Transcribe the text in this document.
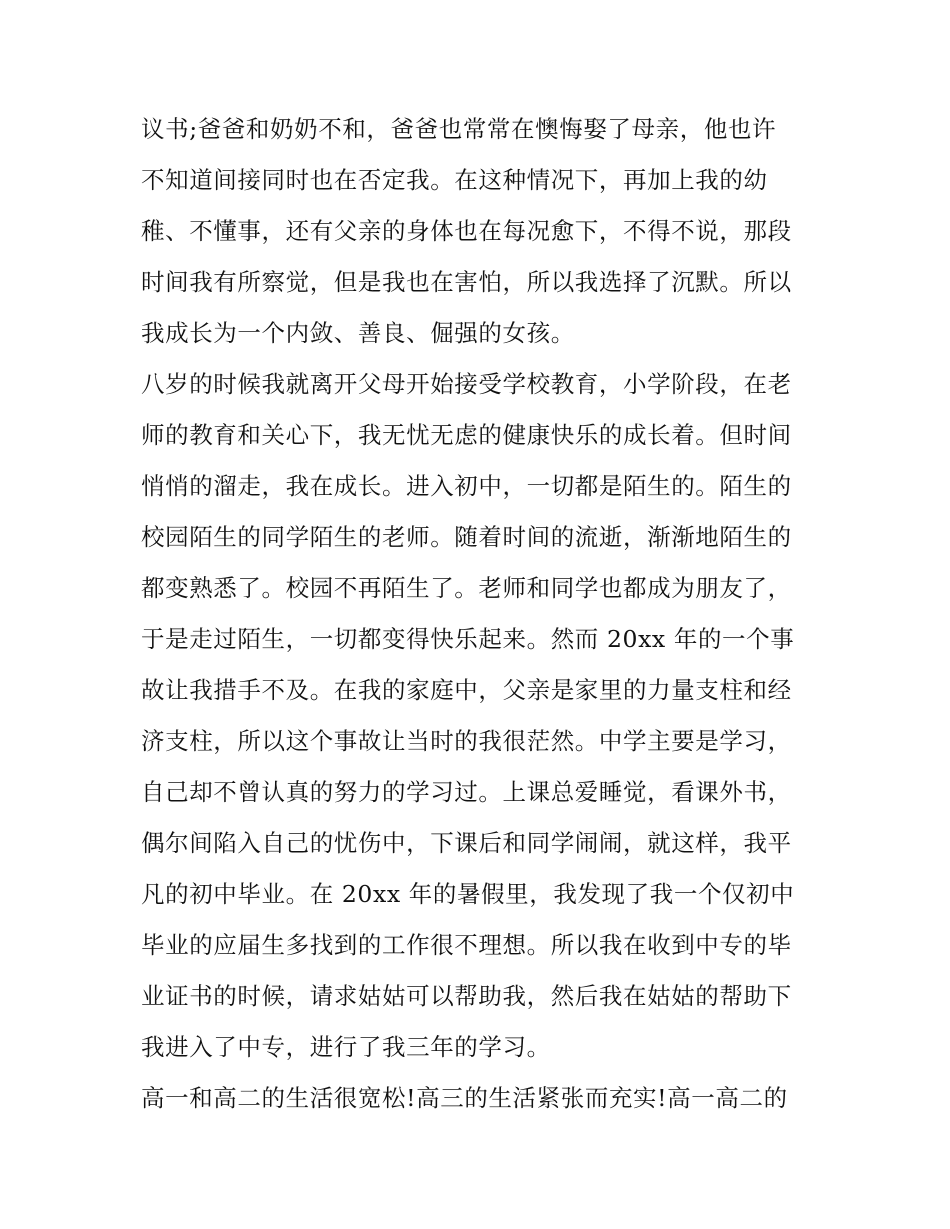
议书;爸爸和奶奶不和，爸爸也常常在懊悔娶了母亲，他也许
不知道间接同时也在否定我。在这种情况下，再加上我的幼
稚、不懂事，还有父亲的身体也在每况愈下，不得不说，那段
时间我有所察觉，但是我也在害怕，所以我选择了沉默。所以
我成长为一个内敛、善良、倔强的女孩。
八岁的时候我就离开父母开始接受学校教育，小学阶段，在老
师的教育和关心下，我无忧无虑的健康快乐的成长着。但时间
悄悄的溜走，我在成长。进入初中，一切都是陌生的。陌生的
校园陌生的同学陌生的老师。随着时间的流逝，渐渐地陌生的
都变熟悉了。校园不再陌生了。老师和同学也都成为朋友了，
于是走过陌生，一切都变得快乐起来。然而 20xx 年的一个事
故让我措手不及。在我的家庭中，父亲是家里的力量支柱和经
济支柱，所以这个事故让当时的我很茫然。中学主要是学习，
自己却不曾认真的努力的学习过。上课总爱睡觉，看课外书，
偶尔间陷入自己的忧伤中，下课后和同学闹闹，就这样，我平
凡的初中毕业。在 20xx 年的暑假里，我发现了我一个仅初中
毕业的应届生多找到的工作很不理想。所以我在收到中专的毕
业证书的时候，请求姑姑可以帮助我，然后我在姑姑的帮助下
我进入了中专，进行了我三年的学习。
高一和高二的生活很宽松!高三的生活紧张而充实!高一高二的
